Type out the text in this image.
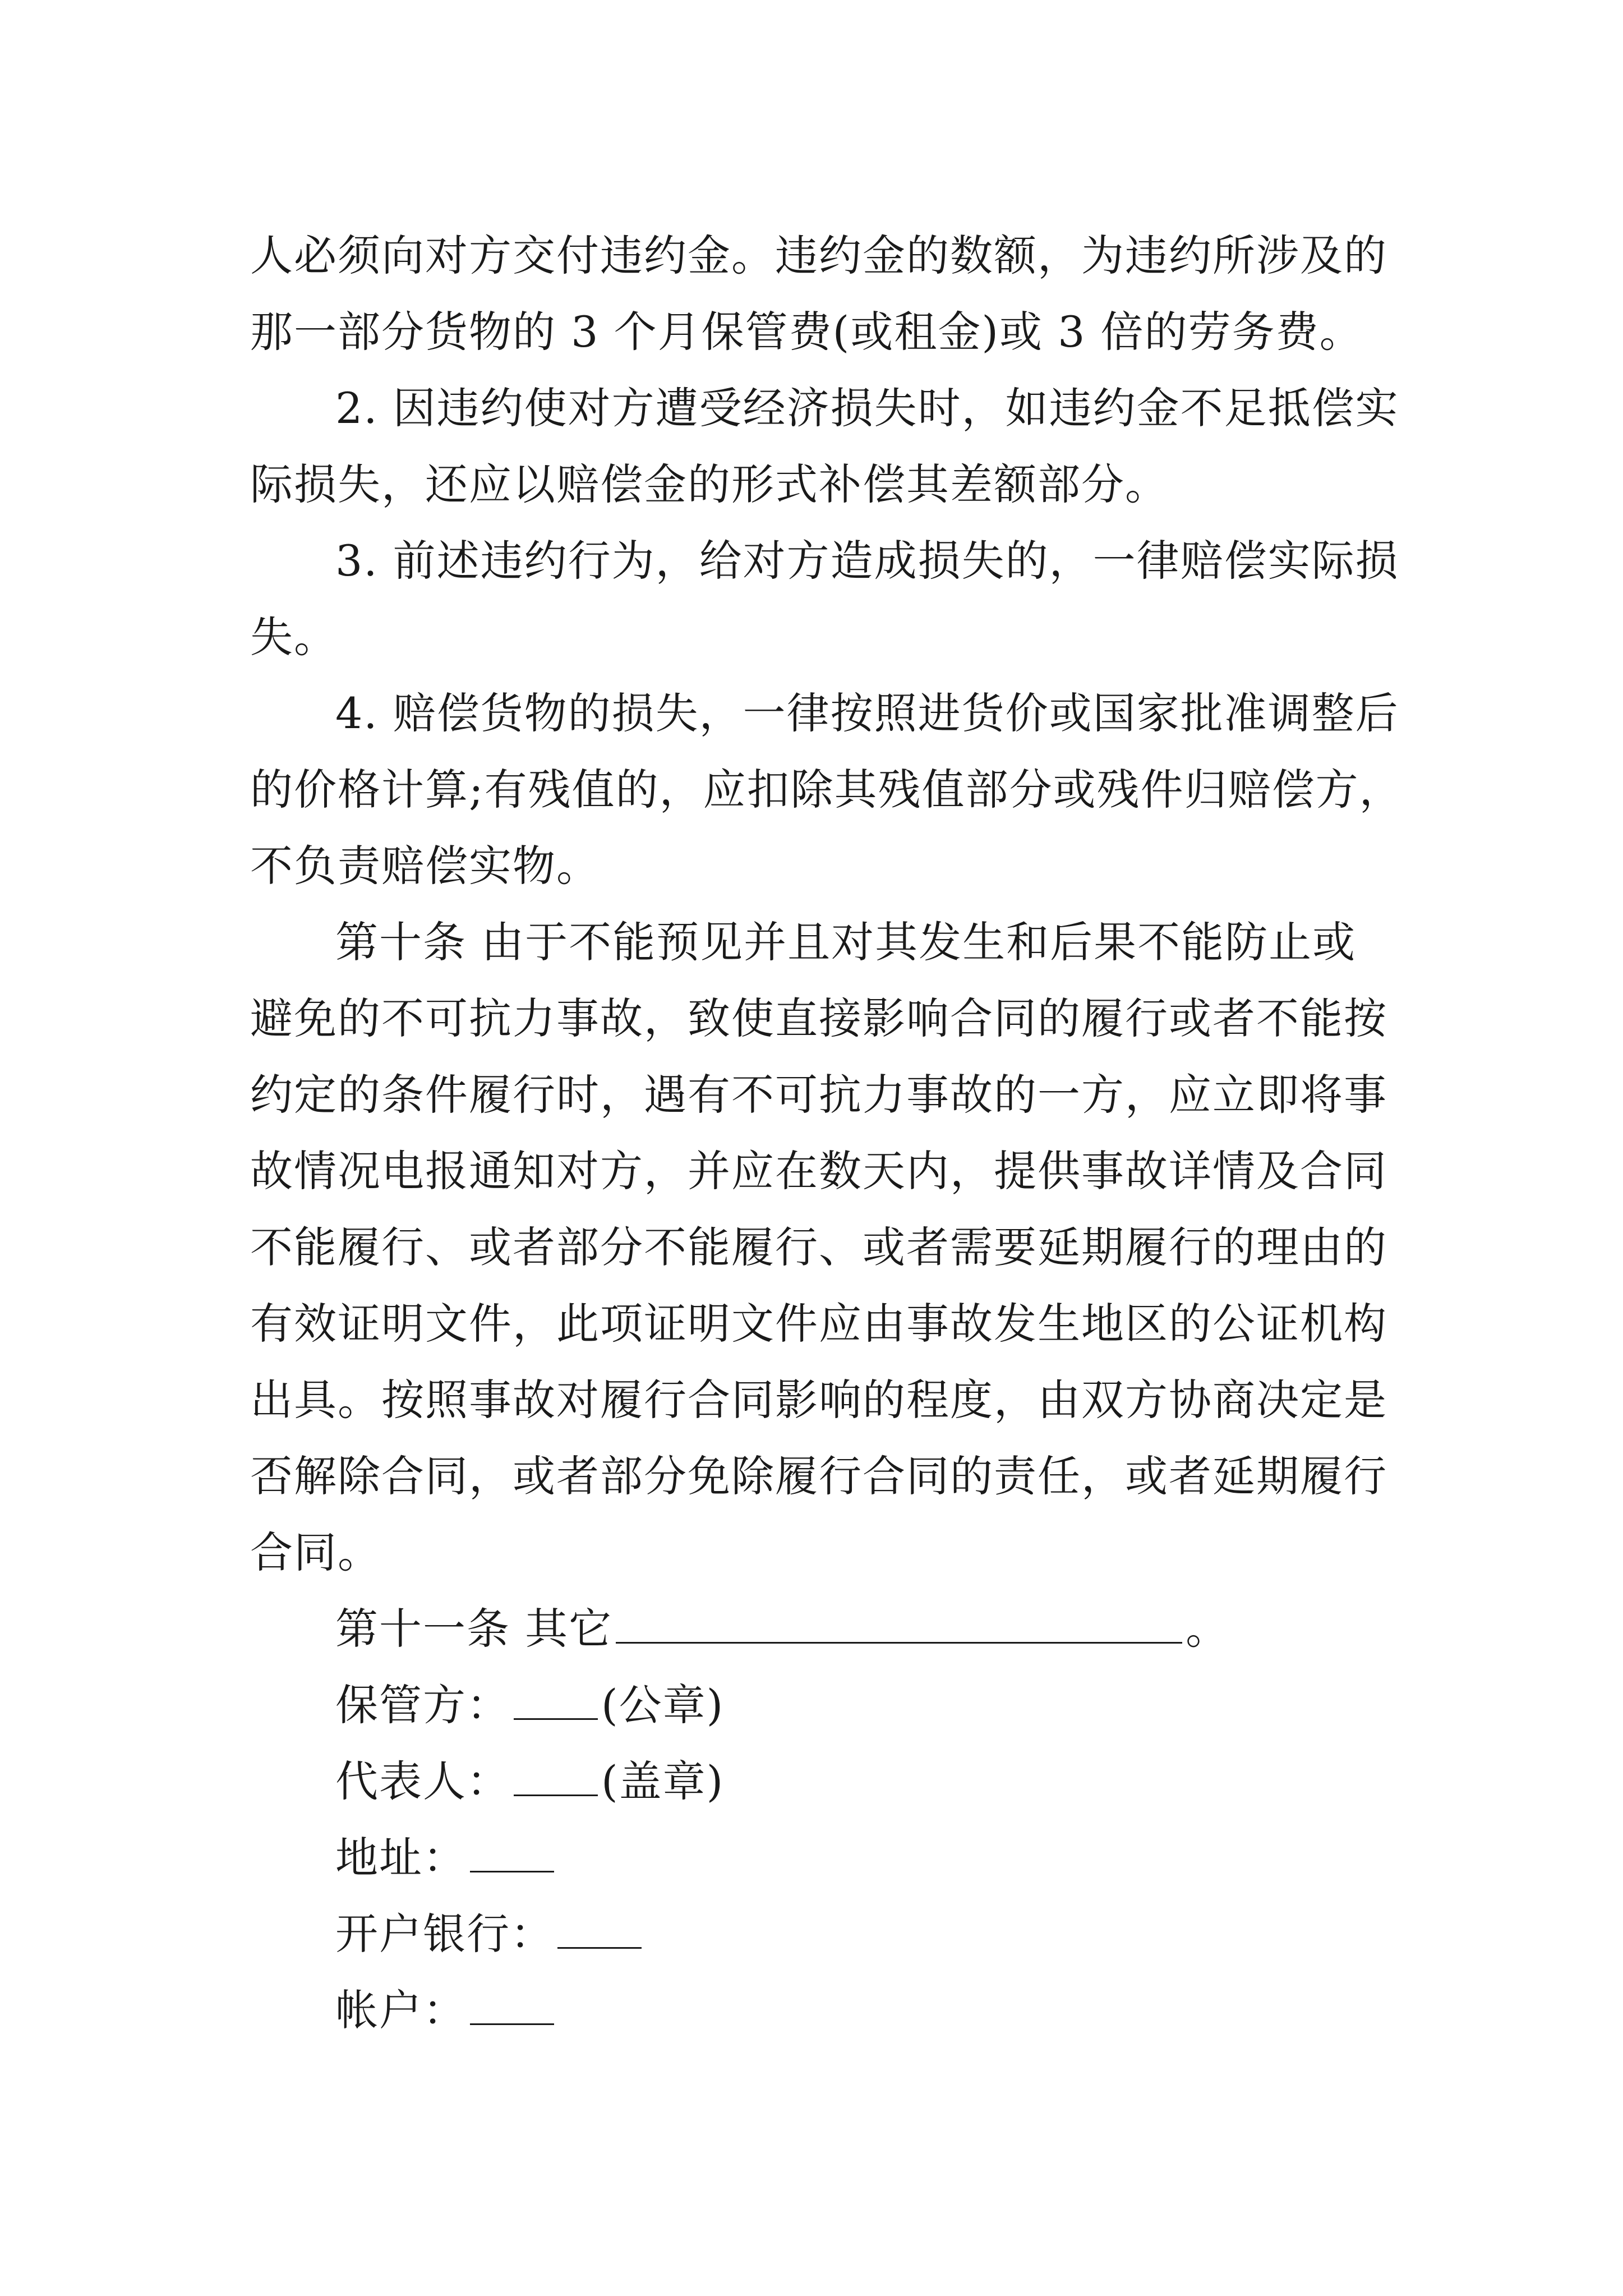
人必须向对方交付违约金。违约金的数额，为违约所涉及的
那一部分货物的 3 个月保管费(或租金)或 3 倍的劳务费。
2. 因违约使对方遭受经济损失时，如违约金不足抵偿实
际损失，还应以赔偿金的形式补偿其差额部分。
3. 前述违约行为，给对方造成损失的，一律赔偿实际损
失。
4. 赔偿货物的损失，一律按照进货价或国家批准调整后
的价格计算;有残值的，应扣除其残值部分或残件归赔偿方，
不负责赔偿实物。
第十条 由于不能预见并且对其发生和后果不能防止或
避免的不可抗力事故，致使直接影响合同的履行或者不能按
约定的条件履行时，遇有不可抗力事故的一方，应立即将事
故情况电报通知对方，并应在数天内，提供事故详情及合同
不能履行、或者部分不能履行、或者需要延期履行的理由的
有效证明文件，此项证明文件应由事故发生地区的公证机构
出具。按照事故对履行合同影响的程度，由双方协商决定是
否解除合同，或者部分免除履行合同的责任，或者延期履行
合同。
第十一条 其它	。
保管方： (公章)
代表人： (盖章)
地址：
开户银行：
帐户：
